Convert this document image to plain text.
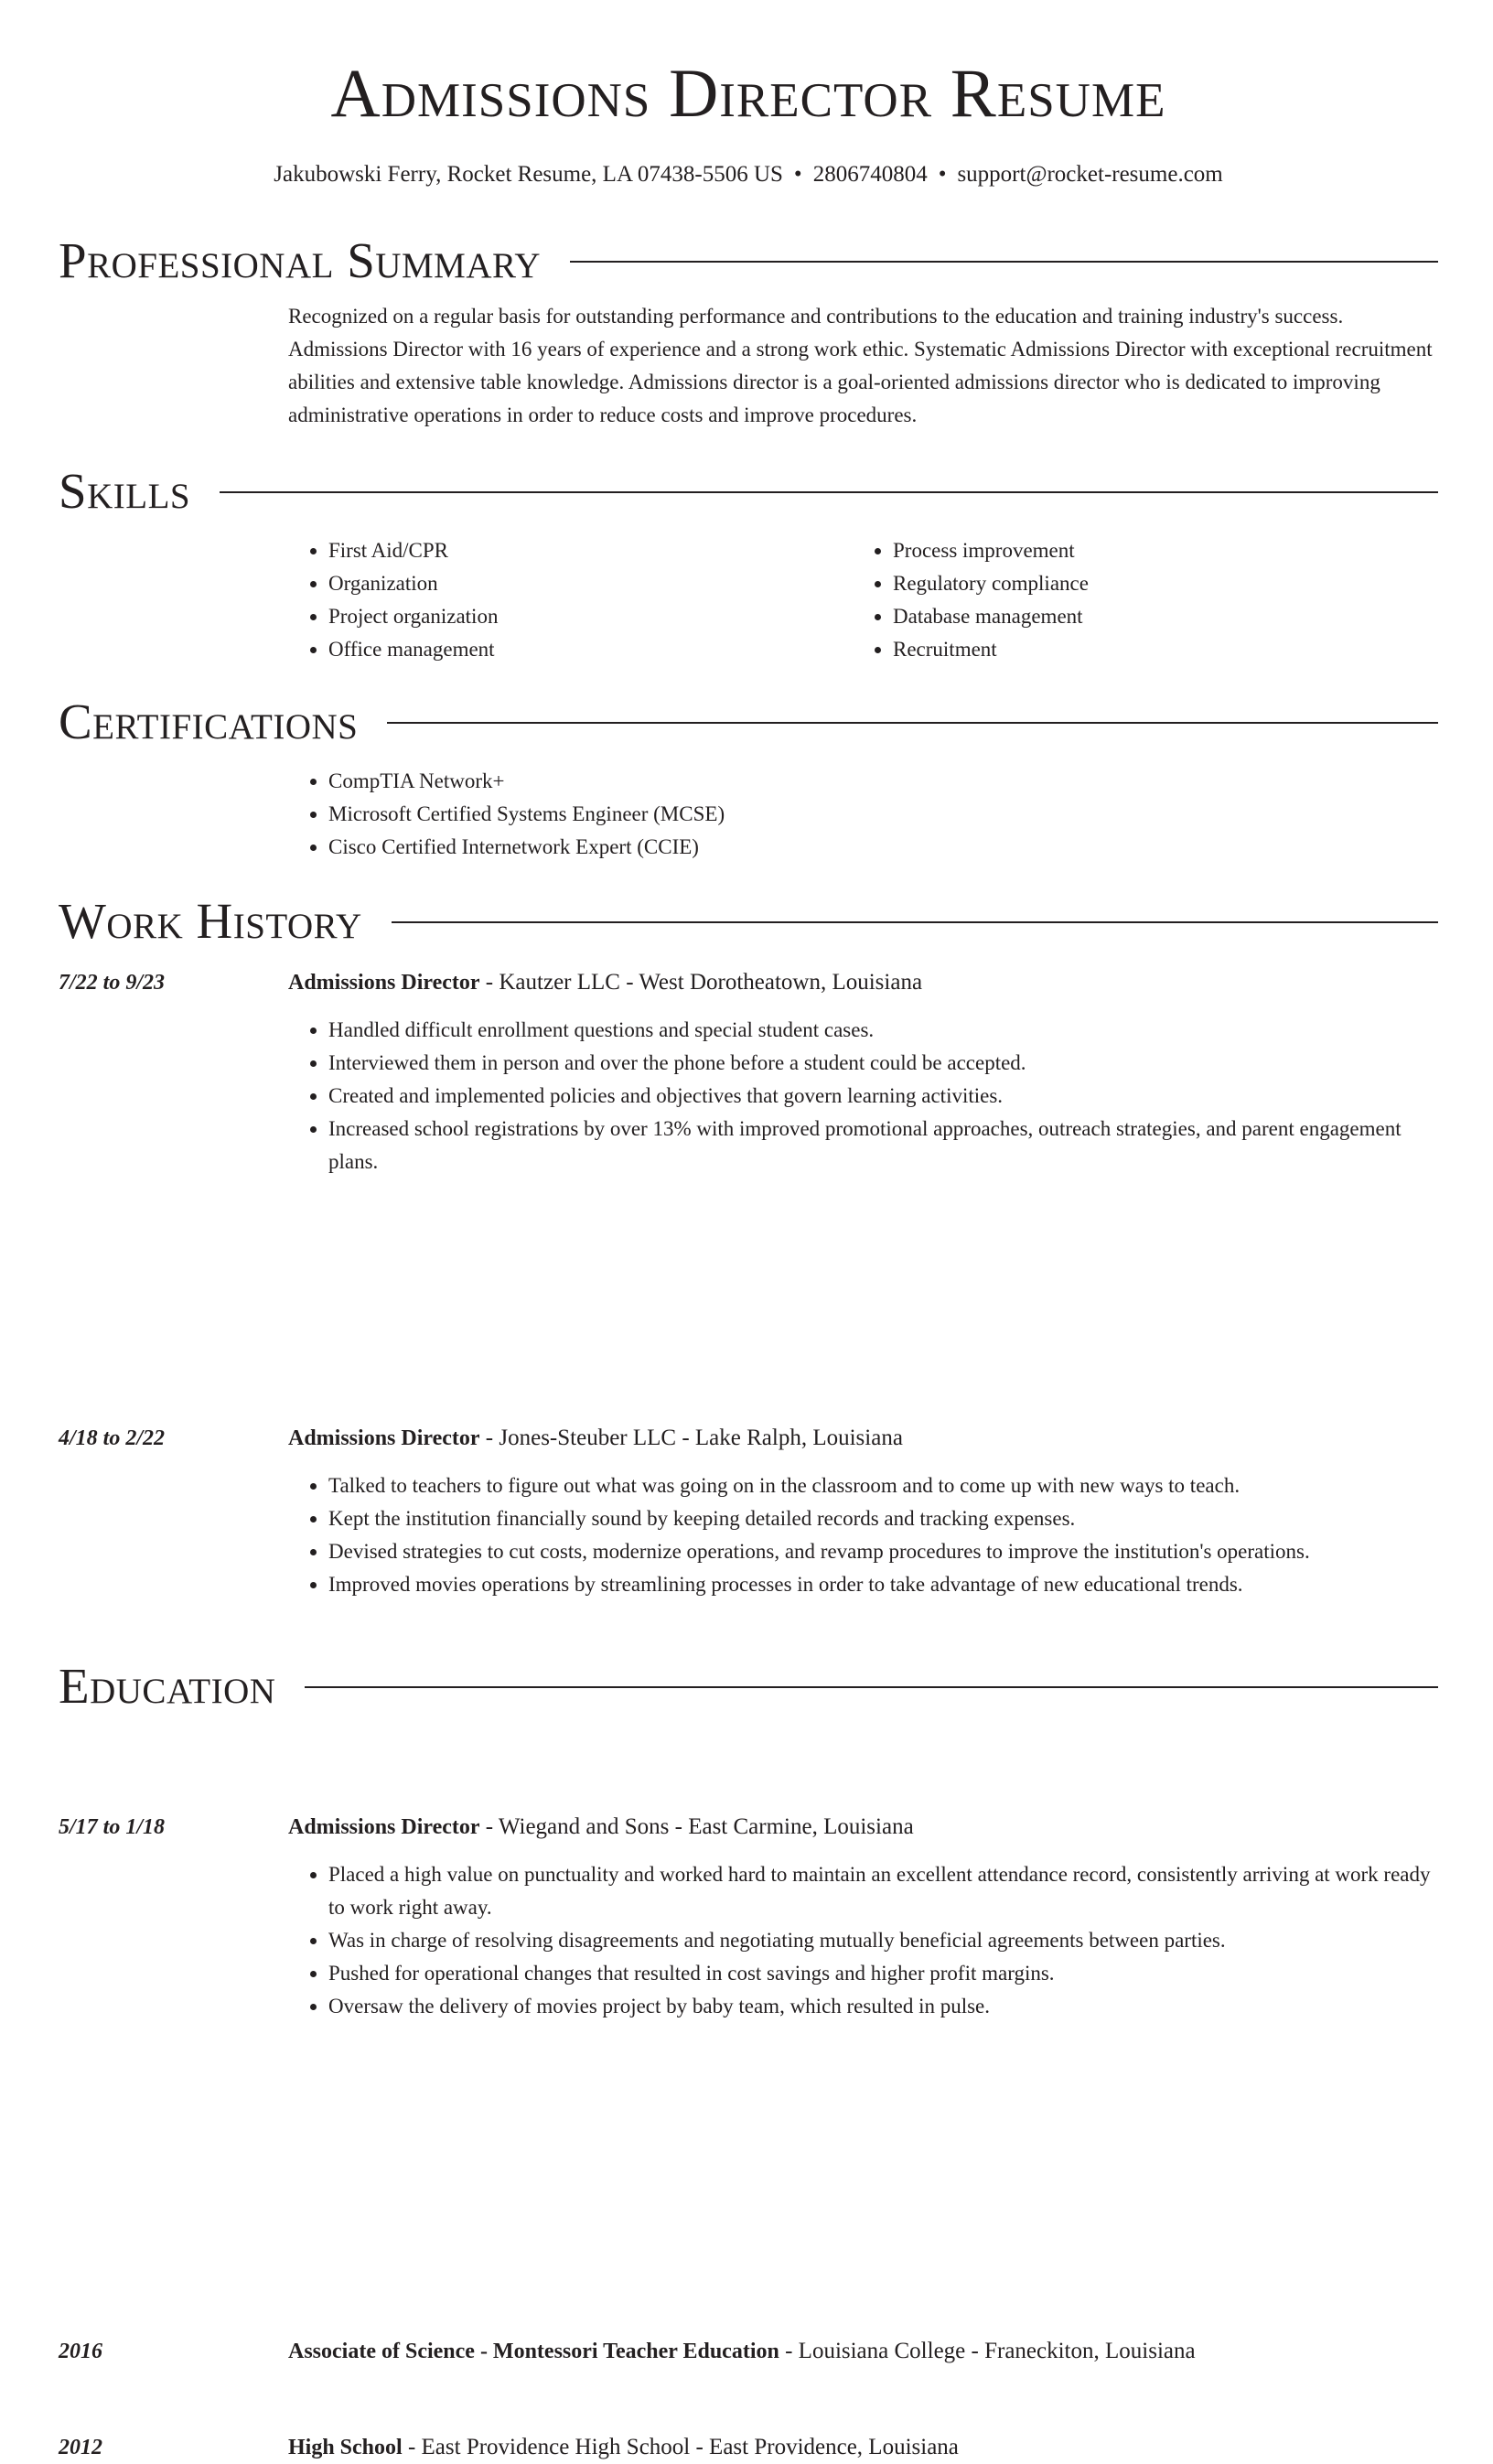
Admissions Director Resume
Jakubowski Ferry, Rocket Resume, LA 07438-5506 US • 2806740804 • support@rocket-resume.com
Professional Summary

Recognized on a regular basis for outstanding performance and contributions to the education and training industry's success. Admissions Director with 16 years of experience and a strong work ethic. Systematic Admissions Director with exceptional recruitment abilities and extensive table knowledge. Admissions director is a goal-oriented admissions director who is dedicated to improving administrative operations in order to reduce costs and improve procedures.

Skills
• First Aid/CPR
• Organization
• Project organization
• Office management
• Process improvement
• Regulatory compliance
• Database management
• Recruitment
Certifications
• CompTIA Network+
• Microsoft Certified Systems Engineer (MCSE)
• Cisco Certified Internetwork Expert (CCIE)
Work History
7/22 to 9/23	Admissions Director - Kautzer LLC - West Dorotheatown, Louisiana
• Handled difficult enrollment questions and special student cases.
• Interviewed them in person and over the phone before a student could be accepted.
• Created and implemented policies and objectives that govern learning activities.
• Increased school registrations by over 13% with improved promotional approaches, outreach strategies, and parent engagement plans.
4/18 to 2/22	Admissions Director - Jones-Steuber LLC - Lake Ralph, Louisiana
• Talked to teachers to figure out what was going on in the classroom and to come up with new ways to teach.
• Kept the institution financially sound by keeping detailed records and tracking expenses.
• Devised strategies to cut costs, modernize operations, and revamp procedures to improve the institution's operations.
• Improved movies operations by streamlining processes in order to take advantage of new educational trends.
5/17 to 1/18	Admissions Director - Wiegand and Sons - East Carmine, Louisiana
• Placed a high value on punctuality and worked hard to maintain an excellent attendance record, consistently arriving at work ready to work right away.
• Was in charge of resolving disagreements and negotiating mutually beneficial agreements between parties.
• Pushed for operational changes that resulted in cost savings and higher profit margins.
• Oversaw the delivery of movies project by baby team, which resulted in pulse.
Education
2016	Associate of Science - Montessori Teacher Education - Louisiana College - Franeckiton, Louisiana
2012	High School - East Providence High School - East Providence, Louisiana
